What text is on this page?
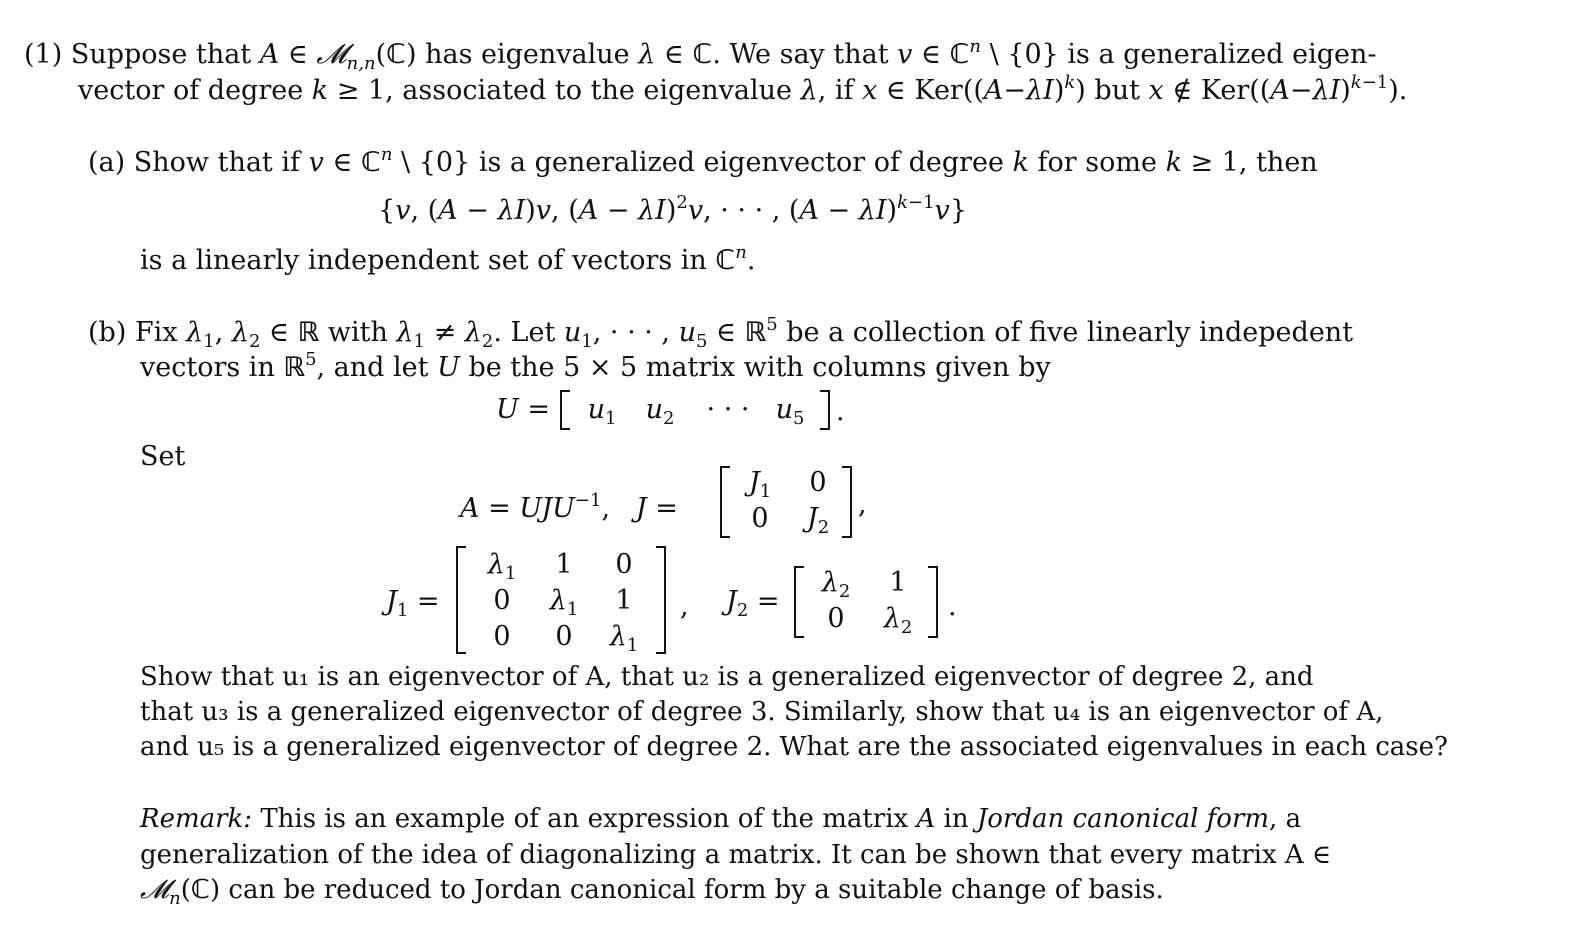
(1) Suppose that A ∈ 𝓜$_{n,n}$(ℂ) has eigenvalue λ ∈ ℂ. We say that v ∈ ℂ$^n$ \ {0} is a generalized eigen-
vector of degree k ≥ 1, associated to the eigenvalue λ, if x ∈ $Ker((A-\lambda I)^k)$ but x ∉ $Ker((A-\lambda I)^{k-1})$.
(a) Show that if v ∈ ℂ$^n$ \ {0} is a generalized eigenvector of degree k for some k ≥ 1, then
{v, (A − λI)v, $(A - \lambda I)^2v$, · · · , $(A - \lambda I)^{k-1}v$}
is a linearly independent set of vectors in ℂ$^n$.
(b) Fix $\lambda_1$, $\lambda_2$ ∈ ℝ with $\lambda_1 \ne \lambda_2$. Let $u_1$, · · · , $u_5$ ∈ ℝ$^5$ be a collection of five linearly indepedent
vectors in ℝ$^5$, and let U be the 5 × 5 matrix with columns given by
U =	$u_1$	$u_2$	· · · $u_5$	.
Set
$A = UJU^{-1}$,   J =
$J_1$	0
0	$J_2$
,
$J_1$ =
$\lambda_1$	1	0
0	$\lambda_1$	1
0	0	$\lambda_1$
, $J_2$ =
$\lambda_2$	1
0	$\lambda_2$
.
Show that u₁ is an eigenvector of A, that u₂ is a generalized eigenvector of degree 2, and
that u₃ is a generalized eigenvector of degree 3. Similarly, show that u₄ is an eigenvector of A,
and u₅ is a generalized eigenvector of degree 2. What are the associated eigenvalues in each case?
Remark: This is an example of an expression of the matrix A in Jordan canonical form, a
generalization of the idea of diagonalizing a matrix. It can be shown that every matrix A ∈
𝓜$_n$(ℂ) can be reduced to Jordan canonical form by a suitable change of basis.
